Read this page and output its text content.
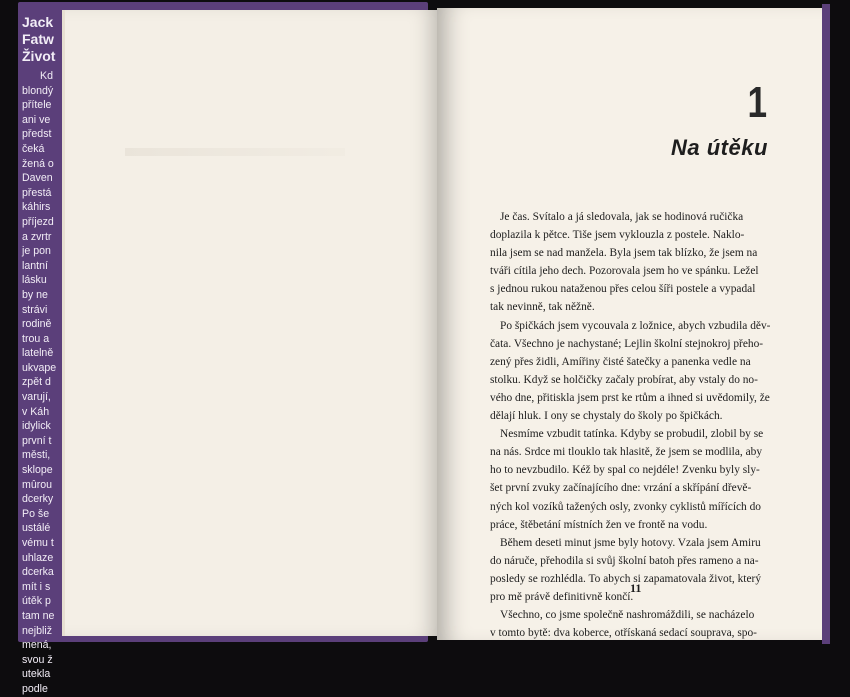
Jack
Fatw
Život
Kd
blondý
přítele
ani ve
předst
čeká
žená o
Daven
přestá
káhirs
příjezd
a zvrtr
je pon
lantní
lásku
by ne
strávi
rodině
trou a
latelně
ukvape
zpět d
varují,
v Káh
idylick
první t
městi,
sklope
mûrou
dcerky
Po še
ustálé
vému t
uhlaze
dcerka
mít i s
útěk p
tam ne
nejbliž
mená,
svou ž
utekla
podle
1
Na útěku
Je čas. Svítalo a já sledovala, jak se hodinová ručička
doplazila k pětce. Tiše jsem vyklouzla z postele. Naklo-
nila jsem se nad manžela. Byla jsem tak blízko, že jsem na
tváři cítila jeho dech. Pozorovala jsem ho ve spánku. Ležel
s jednou rukou nataženou přes celou šíři postele a vypadal
tak nevinně, tak něžně.
Po špičkách jsem vycouvala z ložnice, abych vzbudila děv-
čata. Všechno je nachystané; Lejlin školní stejnokroj přeho-
zený přes židli, Amířiny čisté šatečky a panenka vedle na
stolku. Když se holčičky začaly probírat, aby vstaly do no-
vého dne, přitiskla jsem prst ke rtům a ihned si uvědomily, že
dělají hluk. I ony se chystaly do školy po špičkách.
Nesmíme vzbudit tatínka. Kdyby se probudil, zlobil by se
na nás. Srdce mi tlouklo tak hlasitě, že jsem se modlila, aby
ho to nevzbudilo. Kéž by spal co nejdéle! Zvenku byly sly-
šet první zvuky začínajícího dne: vrzání a skřípání dřevě-
ných kol vozíků tažených osly, zvonky cyklistů mířících do
práce, štěbetání místních žen ve frontě na vodu.
Během deseti minut jsme byly hotovy. Vzala jsem Amiru
do náruče, přehodila si svůj školní batoh přes rameno a na-
posledy se rozhlédla. To abych si zapamatovala život, který
pro mě právě definitivně končí.
Všechno, co jsme společně nashromáždili, se nacházelo
v tomto bytě: dva koberce, otřískaná sedací souprava, spo-
11
